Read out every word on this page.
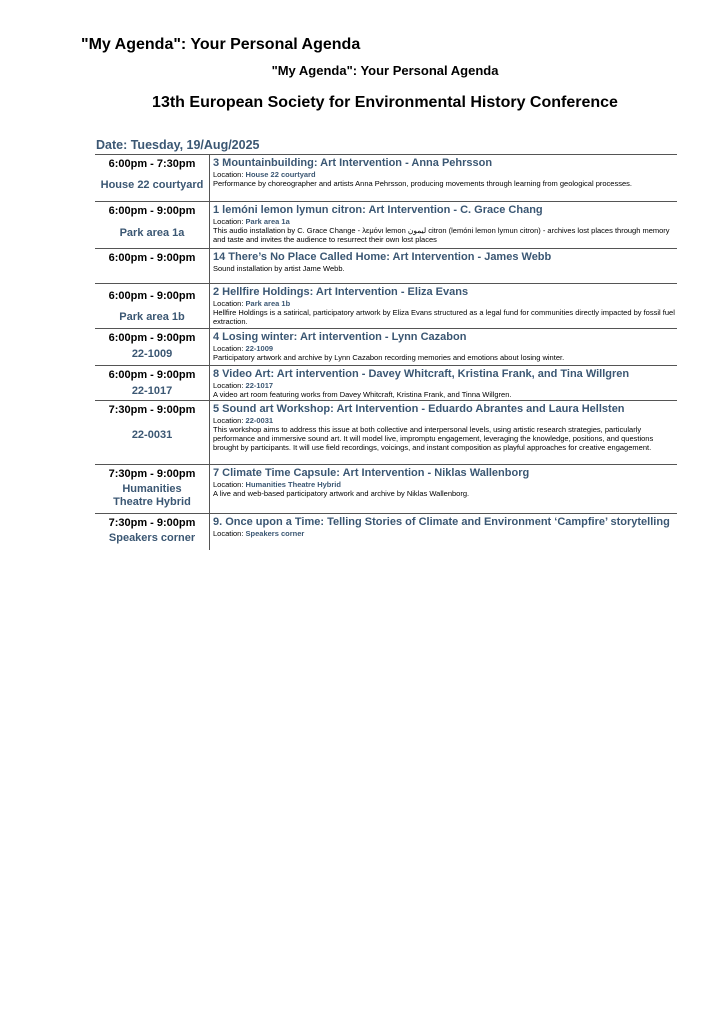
"My Agenda": Your Personal Agenda
"My Agenda": Your Personal Agenda
13th European Society for Environmental History Conference
Date: Tuesday, 19/Aug/2025
6:00pm - 7:30pm
House 22 courtyard
3 Mountainbuilding: Art Intervention - Anna Pehrsson
Location: House 22 courtyard
Performance by choreographer and artists Anna Pehrsson, producing movements through learning from geological processes.
6:00pm - 9:00pm
Park area 1a
1 lemóni lemon lymun citron: Art Intervention - C. Grace Chang
Location: Park area 1a
This audio installation by C. Grace Change - λεμόνι lemon ليمون citron (lemóni lemon lymun citron) - archives lost places through memory and taste and invites the audience to resurrect their own lost places
6:00pm - 9:00pm 14 There’s No Place Called Home: Art Intervention - James Webb
Sound installation by artist Jame Webb.
6:00pm - 9:00pm
Park area 1b
2 Hellfire Holdings: Art Intervention - Eliza Evans
Location: Park area 1b
Hellfire Holdings is a satirical, participatory artwork by Eliza Evans structured as a legal fund for communities directly impacted by fossil fuel extraction.
6:00pm - 9:00pm
22-1009
4 Losing winter: Art intervention - Lynn Cazabon
Location: 22-1009
Participatory artwork and archive by Lynn Cazabon recording memories and emotions about losing winter.
6:00pm - 9:00pm
22-1017
8 Video Art: Art intervention - Davey Whitcraft, Kristina Frank, and Tina Willgren
Location: 22-1017
A video art room featuring works from Davey Whitcraft, Kristina Frank, and Tinna Willgren.
7:30pm - 9:00pm
22-0031
5 Sound art Workshop: Art Intervention - Eduardo Abrantes and Laura Hellsten
Location: 22-0031
This workshop aims to address this issue at both collective and interpersonal levels, using artistic research strategies, particularly performance and immersive sound art. It will model live, impromptu engagement, leveraging the knowledge, positions, and questions brought by participants. It will use field recordings, voicings, and instant composition as playful approaches for creative engagement.
7:30pm - 9:00pm
Humanities Theatre Hybrid
7 Climate Time Capsule: Art Intervention - Niklas Wallenborg
Location: Humanities Theatre Hybrid
A live and web-based participatory artwork and archive by Niklas Wallenborg.
7:30pm - 9:00pm
Speakers corner
9. Once upon a Time: Telling Stories of Climate and Environment ‘Campfire’ storytelling
Location: Speakers corner
